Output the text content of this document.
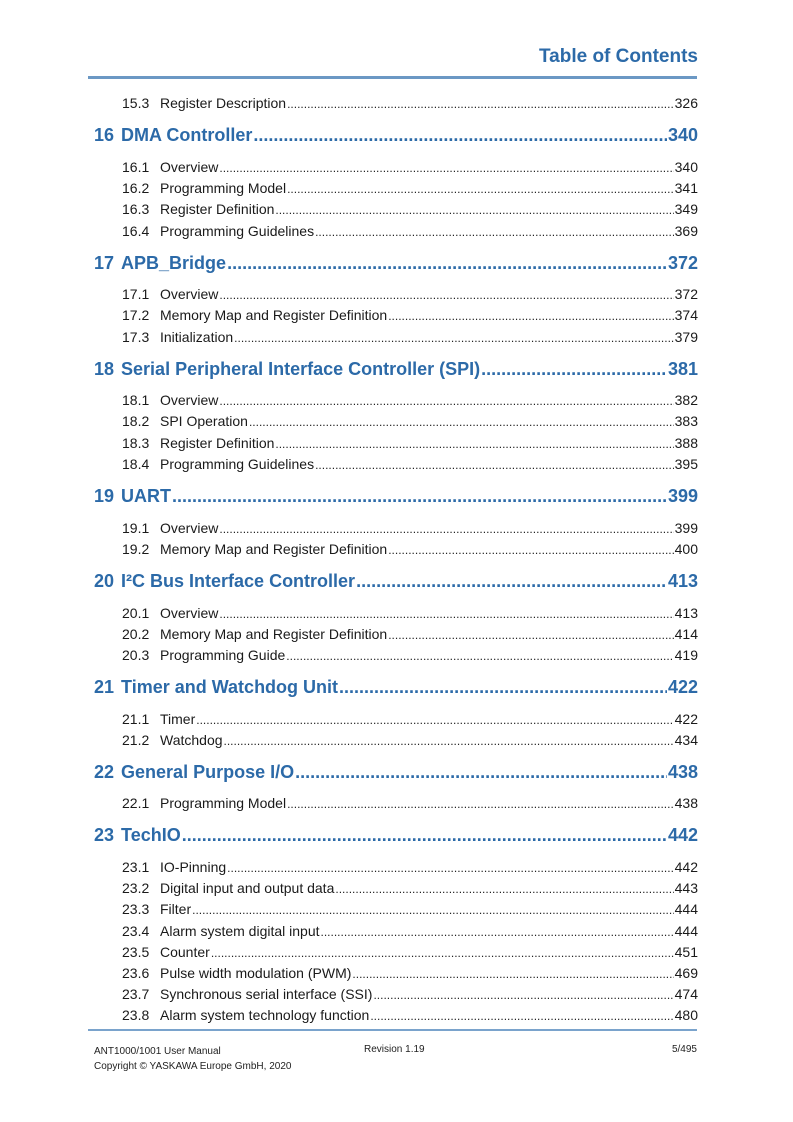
Table of Contents
15.3 Register Description .....	326
16 DMA Controller .....	340
16.1 Overview .....	340
16.2 Programming Model .....	341
16.3 Register Definition .....	349
16.4 Programming Guidelines .....	369
17 APB_Bridge .....	372
17.1 Overview .....	372
17.2 Memory Map and Register Definition .....	374
17.3 Initialization .....	379
18 Serial Peripheral Interface Controller (SPI) .....	381
18.1 Overview .....	382
18.2 SPI Operation .....	383
18.3 Register Definition .....	388
18.4 Programming Guidelines .....	395
19 UART .....	399
19.1 Overview .....	399
19.2 Memory Map and Register Definition .....	400
20 I²C Bus Interface Controller .....	413
20.1 Overview .....	413
20.2 Memory Map and Register Definition .....	414
20.3 Programming Guide .....	419
21 Timer and Watchdog Unit .....	422
21.1 Timer .....	422
21.2 Watchdog .....	434
22 General Purpose I/O .....	438
22.1 Programming Model .....	438
23 TechIO .....	442
23.1 IO-Pinning .....	442
23.2 Digital input and output data .....	443
23.3 Filter .....	444
23.4 Alarm system digital input .....	444
23.5 Counter .....	451
23.6 Pulse width modulation (PWM) .....	469
23.7 Synchronous serial interface (SSI) .....	474
23.8 Alarm system technology function .....	480
ANT1000/1001 User Manual
Copyright © YASKAWA Europe GmbH, 2020
Revision 1.19	5/495
